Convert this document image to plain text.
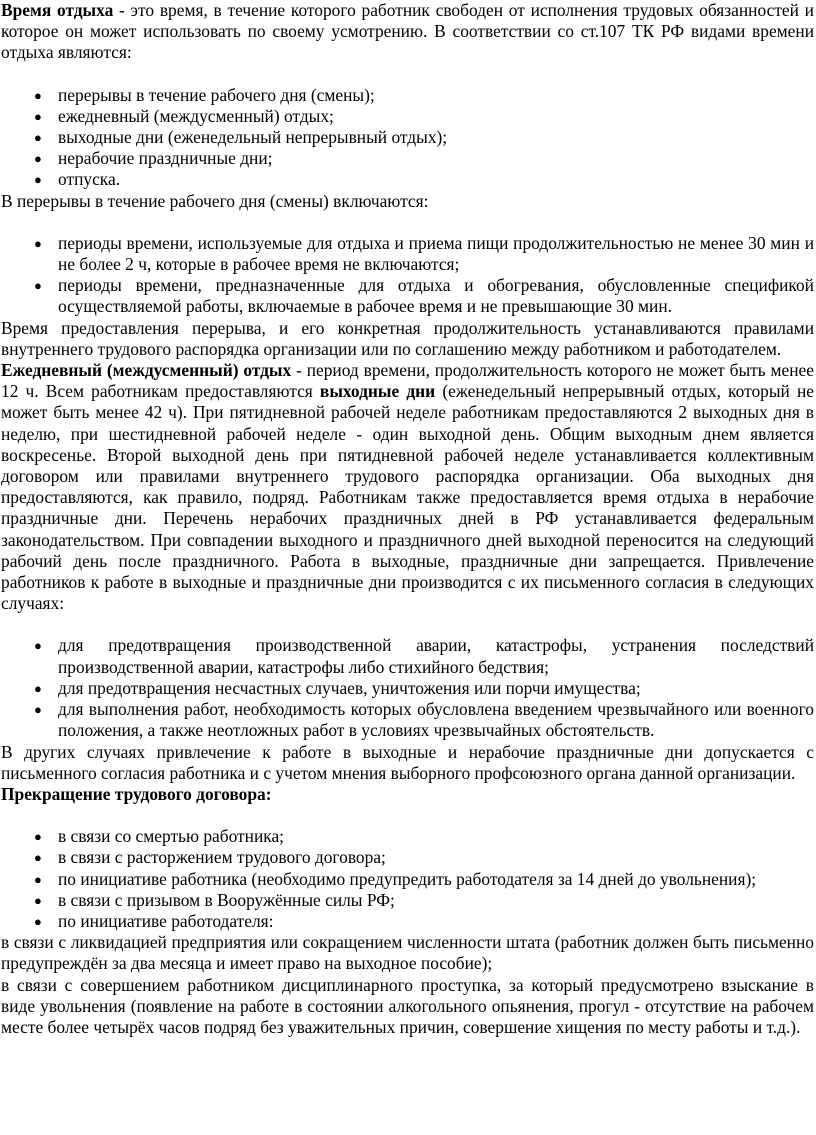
Время отдыха - это время, в течение которого работник свободен от исполнения трудовых обязанностей и которое он может использовать по своему усмотрению. В соответствии со ст.107 ТК РФ видами времени отдыха являются:

● перерывы в течение рабочего дня (смены);
● ежедневный (междусменный) отдых;
● выходные дни (еженедельный непрерывный отдых);
● нерабочие праздничные дни;
● отпуска.

В перерывы в течение рабочего дня (смены) включаются:

● периоды времени, используемые для отдыха и приема пищи продолжительностью не менее 30 мин и не более 2 ч, которые в рабочее время не включаются;
● периоды времени, предназначенные для отдыха и обогревания, обусловленные спецификой осуществляемой работы, включаемые в рабочее время и не превышающие 30 мин.

Время предоставления перерыва, и его конкретная продолжительность устанавливаются правилами внутреннего трудового распорядка организации или по соглашению между работником и работодателем.

Ежедневный (междусменный) отдых - период времени, продолжительность которого не может быть менее 12 ч. Всем работникам предоставляются выходные дни (еженедельный непрерывный отдых, который не может быть менее 42 ч). При пятидневной рабочей неделе работникам предоставляются 2 выходных дня в неделю, при шестидневной рабочей неделе - один выходной день. Общим выходным днем является воскресенье. Второй выходной день при пятидневной рабочей неделе устанавливается коллективным договором или правилами внутреннего трудового распорядка организации. Оба выходных дня предоставляются, как правило, подряд. Работникам также предоставляется время отдыха в нерабочие праздничные дни. Перечень нерабочих праздничных дней в РФ устанавливается федеральным законодательством. При совпадении выходного и праздничного дней выходной переносится на следующий рабочий день после праздничного. Работа в выходные, праздничные дни запрещается. Привлечение работников к работе в выходные и праздничные дни производится с их письменного согласия в следующих случаях:

● для предотвращения производственной аварии, катастрофы, устранения последствий производственной аварии, катастрофы либо стихийного бедствия;
● для предотвращения несчастных случаев, уничтожения или порчи имущества;
● для выполнения работ, необходимость которых обусловлена введением чрезвычайного или военного положения, а также неотложных работ в условиях чрезвычайных обстоятельств.

В других случаях привлечение к работе в выходные и нерабочие праздничные дни допускается с письменного согласия работника и с учетом мнения выборного профсоюзного органа данной организации.

Прекращение трудового договора:

● в связи со смертью работника;
● в связи с расторжением трудового договора;
● по инициативе работника (необходимо предупредить работодателя за 14 дней до увольнения);
● в связи с призывом в Вооружённые силы РФ;
● по инициативе работодателя:

в связи с ликвидацией предприятия или сокращением численности штата (работник должен быть письменно предупреждён за два месяца и имеет право на выходное пособие);

в связи с совершением работником дисциплинарного проступка, за который предусмотрено взыскание в виде увольнения (появление на работе в состоянии алкогольного опьянения, прогул - отсутствие на рабочем месте более четырёх часов подряд без уважительных причин, совершение хищения по месту работы и т.д.).
